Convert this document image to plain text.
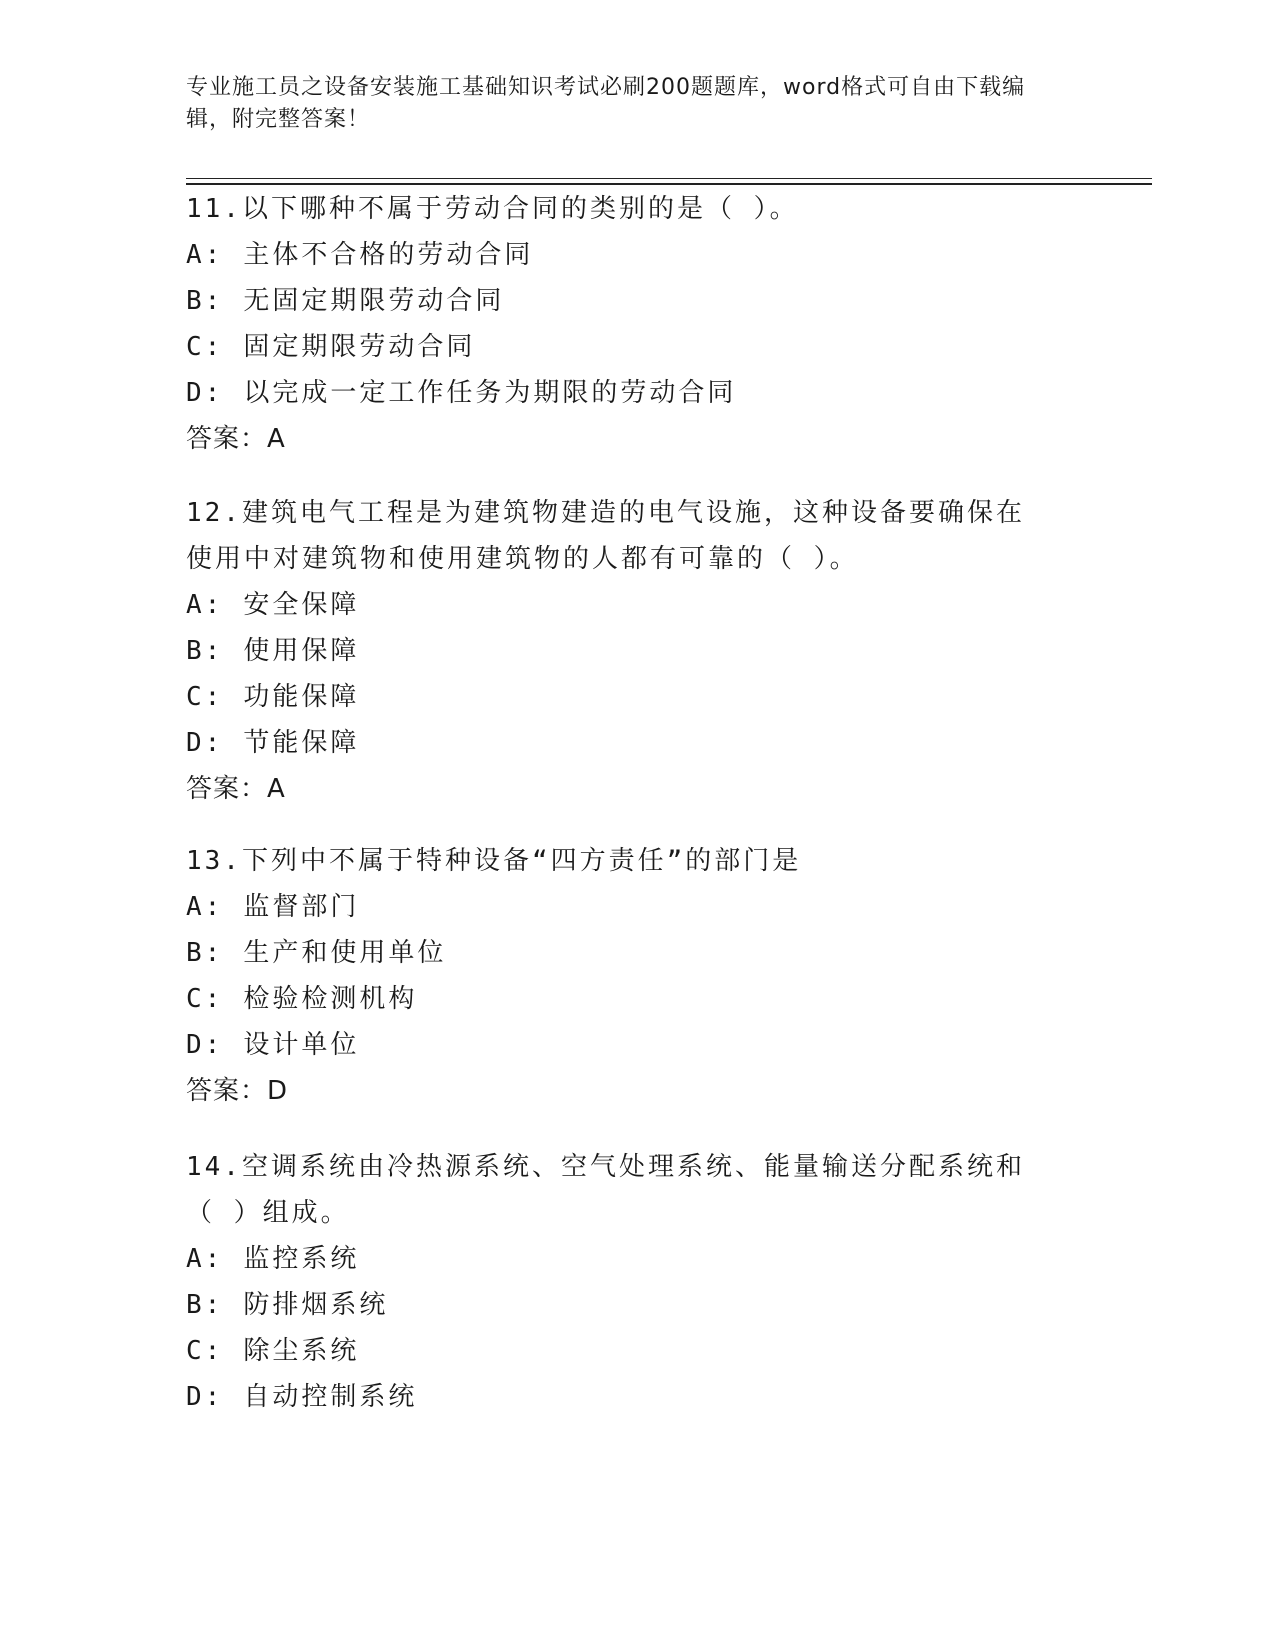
专业施工员之设备安装施工基础知识考试必刷200题题库，word格式可自由下载编辑，附完整答案！

11.以下哪种不属于劳动合同的类别的是（ ）。

A: 主体不合格的劳动合同

B: 无固定期限劳动合同

C: 固定期限劳动合同

D: 以完成一定工作任务为期限的劳动合同

答案：A

12.建筑电气工程是为建筑物建造的电气设施，这种设备要确保在使用中对建筑物和使用建筑物的人都有可靠的（ ）。

A: 安全保障

B: 使用保障

C: 功能保障

D: 节能保障

答案：A

13.下列中不属于特种设备“四方责任”的部门是

A: 监督部门

B: 生产和使用单位

C: 检验检测机构

D: 设计单位

答案：D

14.空调系统由冷热源系统、空气处理系统、能量输送分配系统和（ ）组成。

A: 监控系统

B: 防排烟系统

C: 除尘系统

D: 自动控制系统
